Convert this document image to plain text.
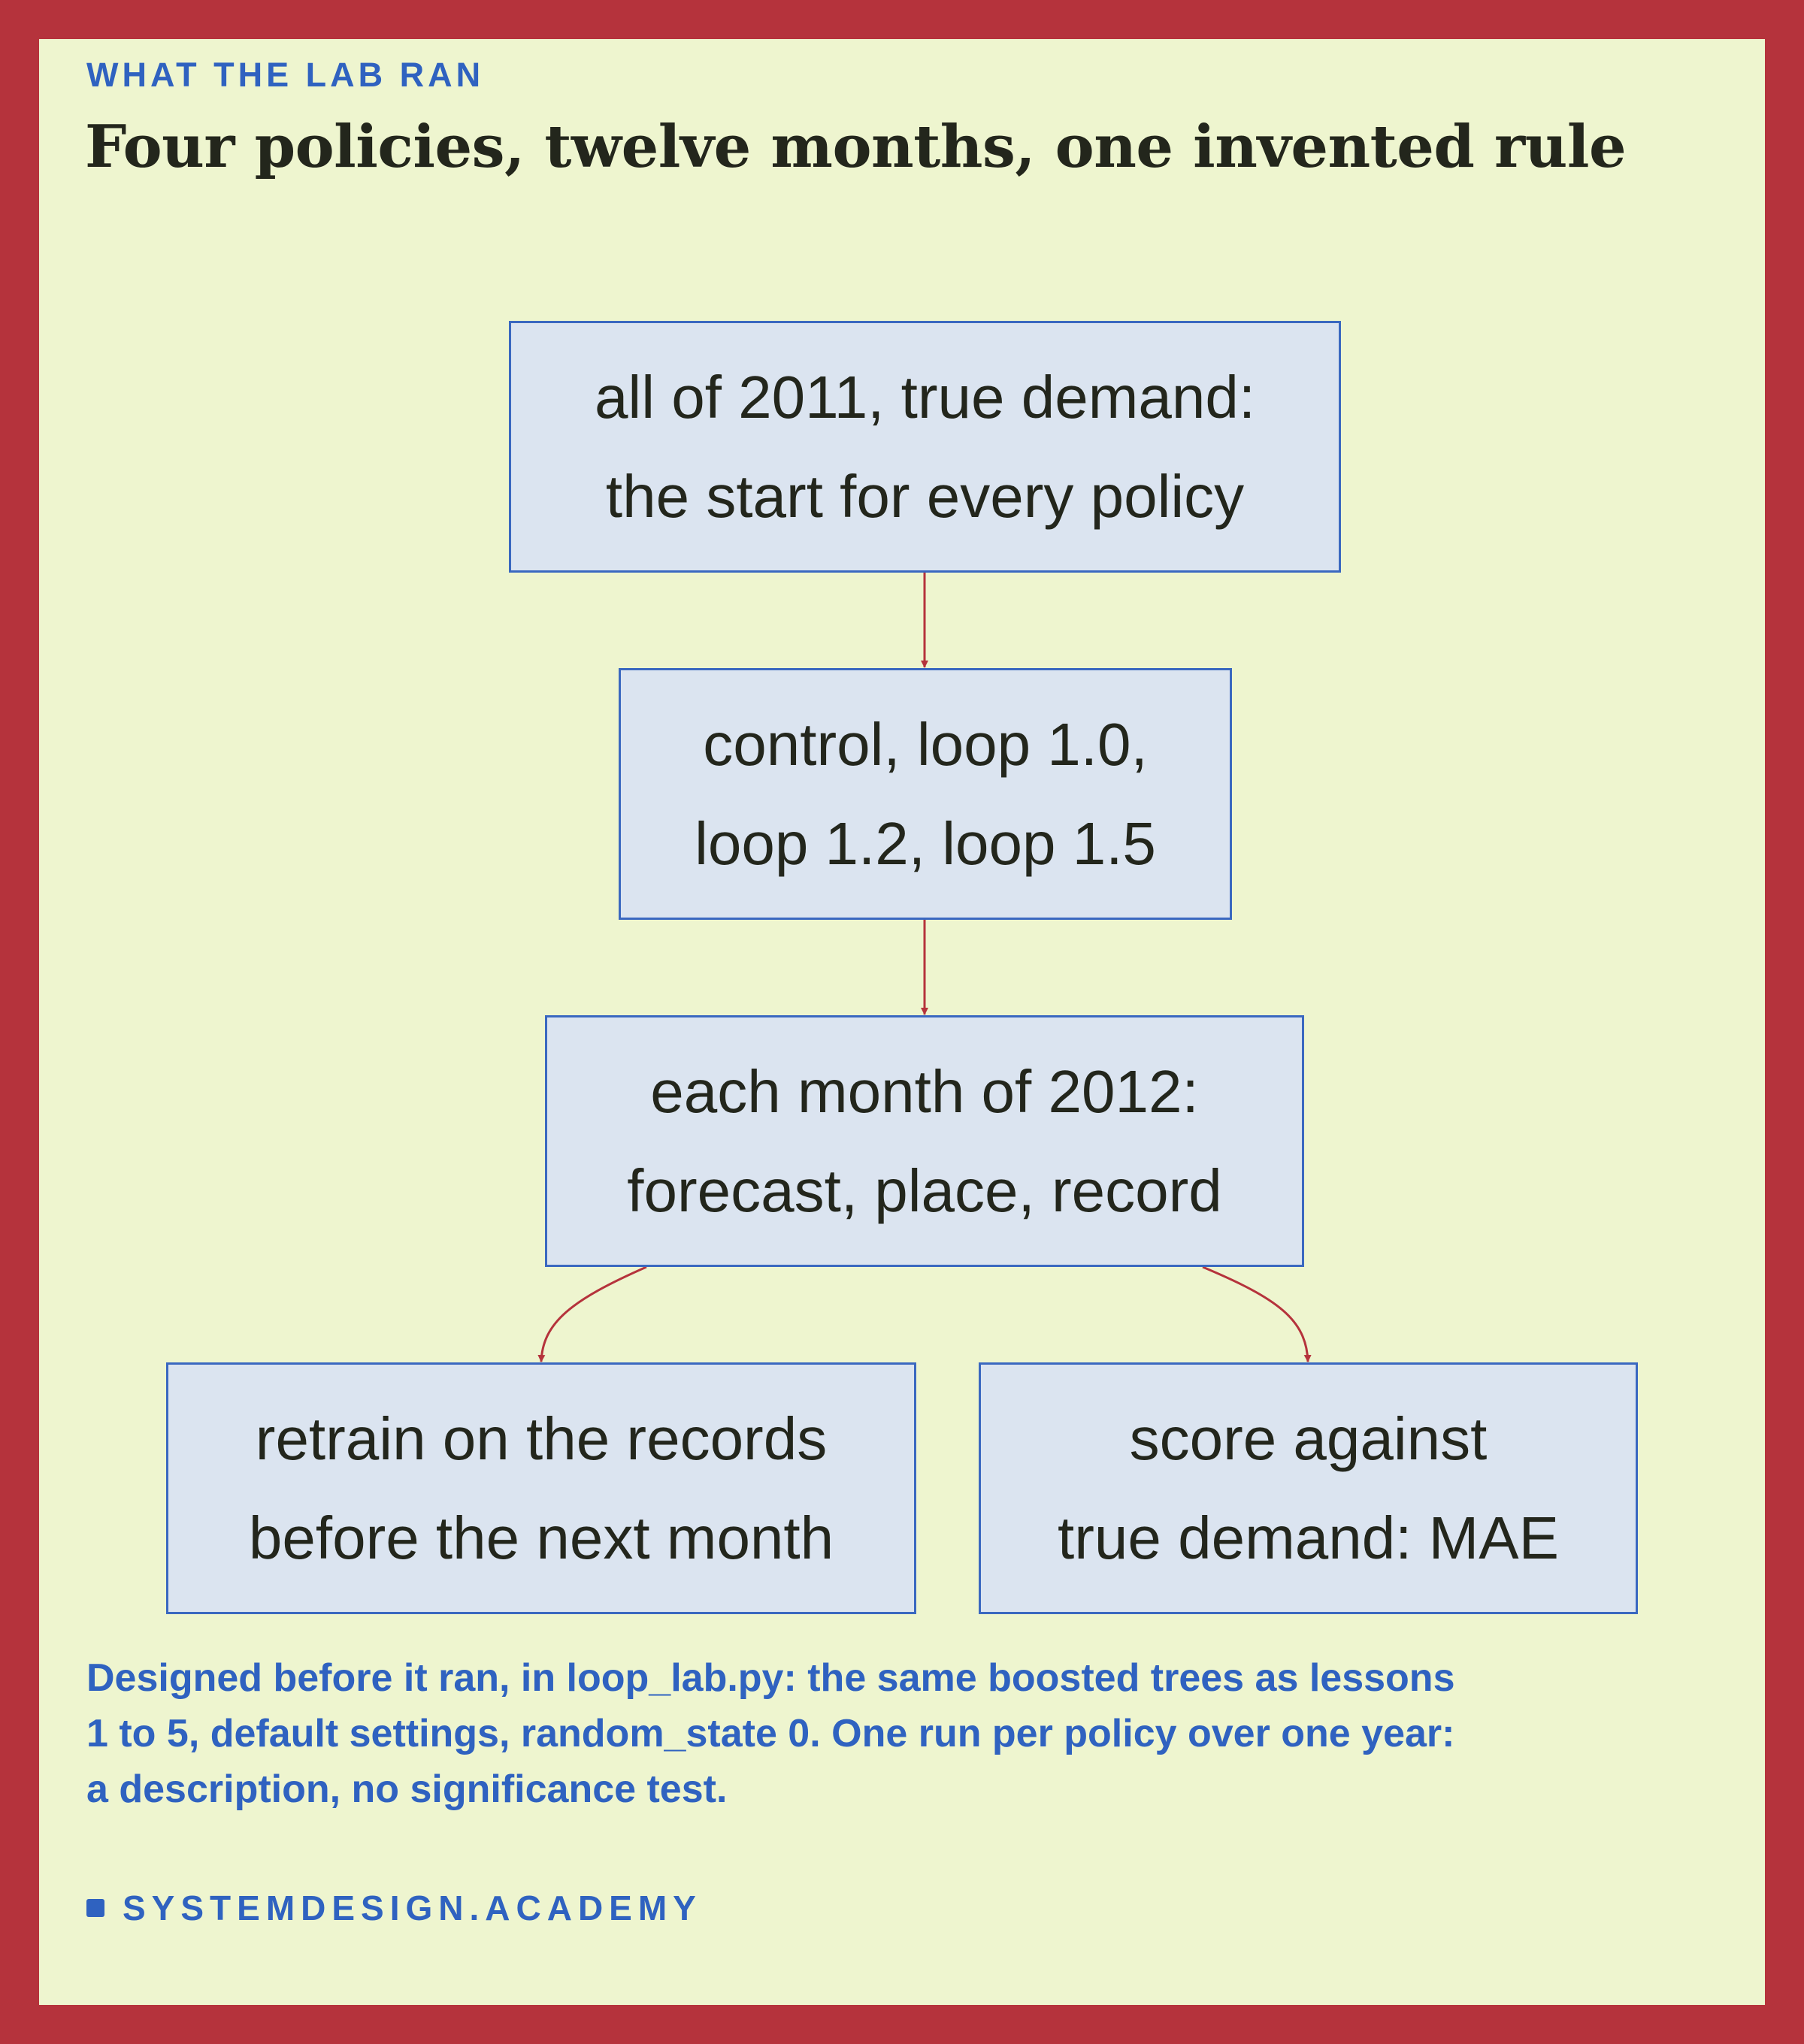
WHAT THE LAB RAN

Four policies, twelve months, one invented rule
all of 2011, true demand:
the start for every policy
control, loop 1.0,
loop 1.2, loop 1.5
each month of 2012:
forecast, place, record
retrain on the records
before the next month
score against
true demand: MAE
Designed before it ran, in loop_lab.py: the same boosted trees as lessons
1 to 5, default settings, random_state 0. One run per policy over one year:
a description, no significance test.
SYSTEMDESIGN.ACADEMY
